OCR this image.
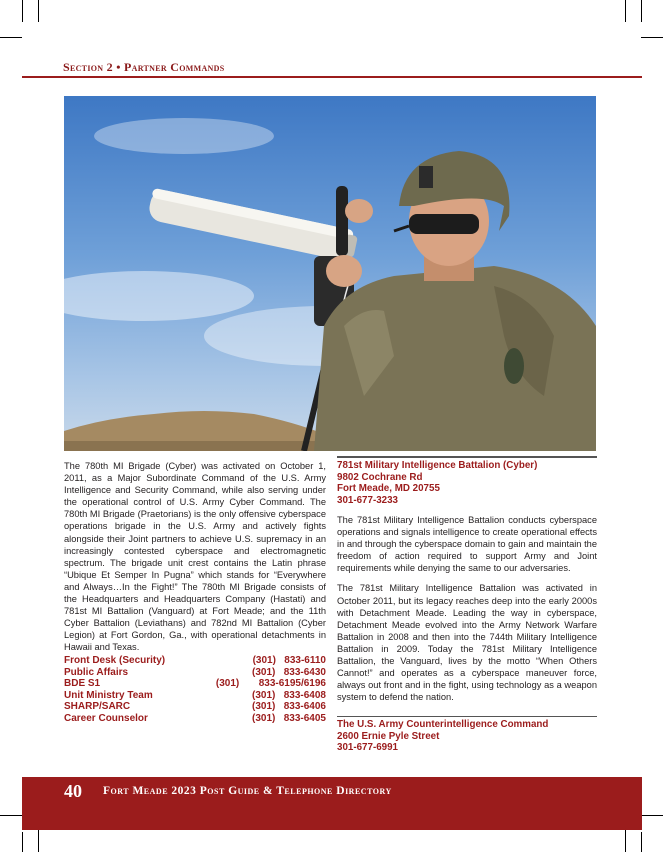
Section 2 • Partner Commands

The 780th MI Brigade (Cyber) was activated on October 1, 2011, as a Major Subordinate Command of the U.S. Army Intelligence and Security Command, while also serving under the operational control of U.S. Army Cyber Command. The 780th MI Brigade (Praetorians) is the only offensive cyberspace operations brigade in the U.S. Army and actively fights alongside their Joint partners to achieve U.S. supremacy in an increasingly contested cyberspace and electromagnetic spectrum. The brigade unit crest contains the Latin phrase “Ubique Et Semper In Pugna” which stands for “Everywhere and Always…In the Fight!” The 780th MI Brigade consists of the Headquarters and Headquarters Company (Hastati) and 781st MI Battalion (Vanguard) at Fort Meade; and the 11th Cyber Battalion (Leviathans) and 782nd MI Battalion (Cyber Legion) at Fort Gordon, Ga., with operational detachments in Hawaii and Texas.

Front Desk (Security)	(301) 833-6110
Public Affairs	(301) 833-6430
BDE S1	(301) 833-6195/6196
Unit Ministry Team	(301) 833-6408
SHARP/SARC	(301) 833-6406
Career Counselor	(301) 833-6405
781st Military Intelligence Battalion (Cyber)
9802 Cochrane Rd
Fort Meade, MD 20755
301-677-3233

The 781st Military Intelligence Battalion conducts cyberspace operations and signals intelligence to create operational effects in and through the cyberspace domain to gain and maintain the freedom of action required to support Army and Joint requirements while denying the same to our adversaries.

The 781st Military Intelligence Battalion was activated in October 2011, but its legacy reaches deep into the early 2000s with Detachment Meade. Leading the way in cyberspace, Detachment Meade evolved into the Army Network Warfare Battalion in 2008 and then into the 744th Military Intelligence Battalion in 2009. Today the 781st Military Intelligence Battalion, the Vanguard, lives by the motto “When Others Cannot!” and operates as a cyberspace maneuver force, always out front and in the fight, using technology as a weapon system to defend the nation.

The U.S. Army Counterintelligence Command
2600 Ernie Pyle Street
301-677-6991
40 Fort Meade 2023 Post Guide & Telephone Directory
